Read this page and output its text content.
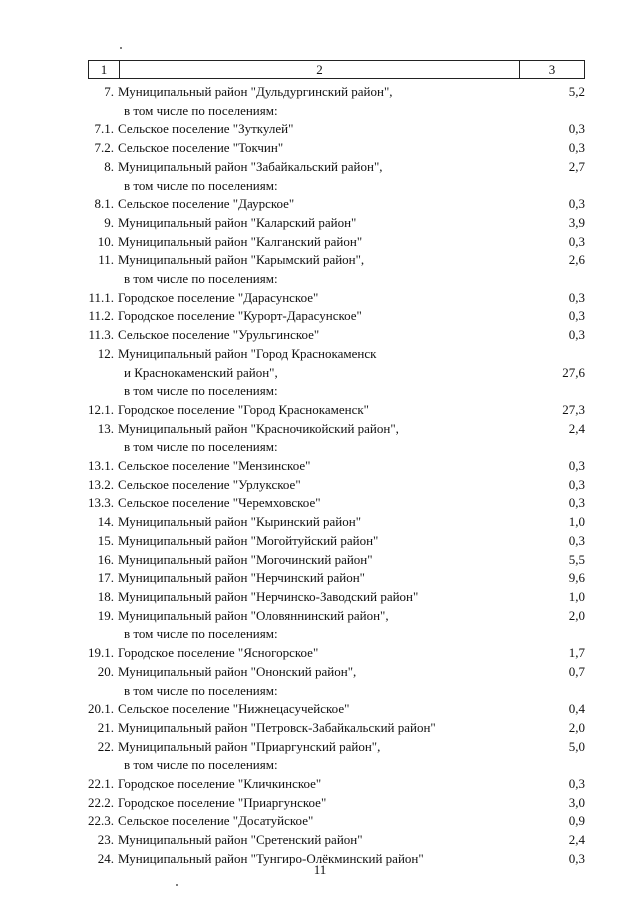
1	2	3
7. Муниципальный район "Дульдургинский район",	5,2
в том числе по поселениям:
7.1. Сельское поселение "Зуткулей"	0,3
7.2. Сельское поселение "Токчин"	0,3
8. Муниципальный район "Забайкальский район",	2,7
в том числе по поселениям:
8.1. Сельское поселение "Даурское"	0,3
9. Муниципальный район "Каларский район"	3,9
10. Муниципальный район "Калганский район"	0,3
11. Муниципальный район "Карымский район",	2,6
в том числе по поселениям:
11.1. Городское поселение "Дарасунское"	0,3
11.2. Городское поселение "Курорт-Дарасунское"	0,3
11.3. Сельское поселение "Урульгинское"	0,3
12. Муниципальный район "Город Краснокаменск
и Краснокаменский район",	27,6
в том числе по поселениям:
12.1. Городское поселение "Город Краснокаменск"	27,3
13. Муниципальный район "Красночикойский район",	2,4
в том числе по поселениям:
13.1. Сельское поселение "Мензинское"	0,3
13.2. Сельское поселение "Урлукское"	0,3
13.3. Сельское поселение "Черемховское"	0,3
14. Муниципальный район "Кыринский район"	1,0
15. Муниципальный район "Могойтуйский район"	0,3
16. Муниципальный район "Могочинский район"	5,5
17. Муниципальный район "Нерчинский район"	9,6
18. Муниципальный район "Нерчинско-Заводский район"	1,0
19. Муниципальный район "Оловяннинский район",	2,0
в том числе по поселениям:
19.1. Городское поселение "Ясногорское"	1,7
20. Муниципальный район "Ононский район",	0,7
в том числе по поселениям:
20.1. Сельское поселение "Нижнецасучейское"	0,4
21. Муниципальный район "Петровск-Забайкальский район"	2,0
22. Муниципальный район "Приаргунский район",	5,0
в том числе по поселениям:
22.1. Городское поселение "Кличкинское"	0,3
22.2. Городское поселение "Приаргунское"	3,0
22.3. Сельское поселение "Досатуйское"	0,9
23. Муниципальный район "Сретенский район"	2,4
24. Муниципальный район "Тунгиро-Олёкминский район"	0,3
11
